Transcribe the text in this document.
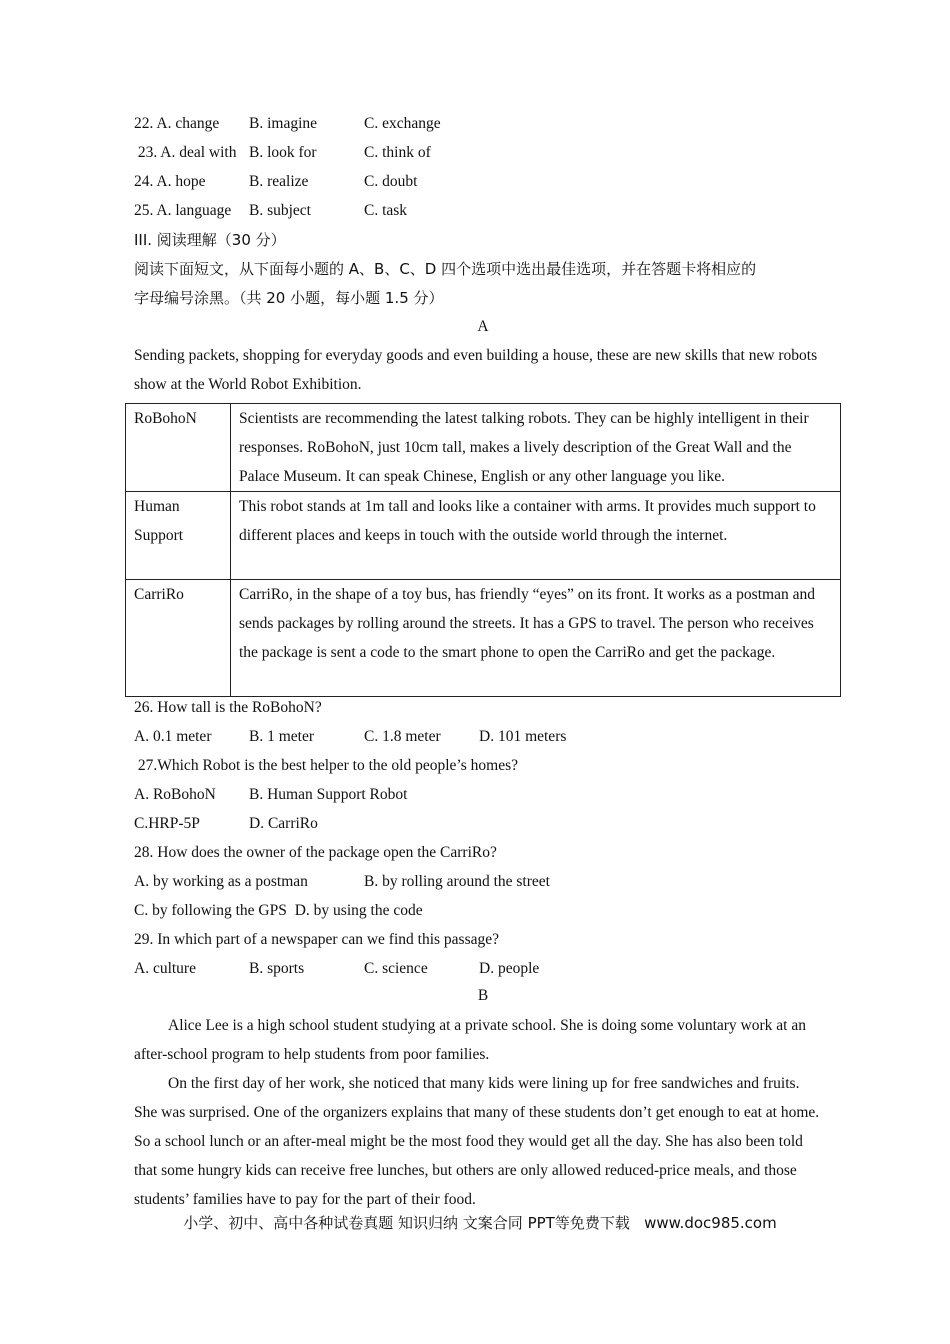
22. A. change B. imagine	C. exchange
23. A. deal with B. look for	C. think of
24. A. hope	B. realize	C. doubt
25. A. language B. subject	C. task
III. 阅读理解（30 分）
阅读下面短文，从下面每小题的 A、B、C、D 四个选项中选出最佳选项，并在答题卡将相应的
字母编号涂黑。（共 20 小题，每小题 1.5 分）
A
Sending packets, shopping for everyday goods and even building a house, these are new skills that new robots show at the World Robot Exhibition.
RoBohoN	Scientists are recommending the latest talking robots. They can be highly intelligent in their responses. RoBohoN, just 10cm tall, makes a lively description of the Great Wall and the Palace Museum. It can speak Chinese, English or any other language you like.
Human Support	This robot stands at 1m tall and looks like a container with arms. It provides much support to different places and keeps in touch with the outside world through the internet.
CarriRo	CarriRo, in the shape of a toy bus, has friendly “eyes” on its front. It works as a postman and sends packages by rolling around the streets. It has a GPS to travel. The person who receives the package is sent a code to the smart phone to open the CarriRo and get the package.
26. How tall is the RoBohoN?
A. 0.1 meter B. 1 meter	C. 1.8 meter D. 101 meters
27.Which Robot is the best helper to the old people’s homes?
A. RoBohoN B. Human Support Robot
C.HRP-5P	D. CarriRo
28. How does the owner of the package open the CarriRo?
A. by working as a postman	B. by rolling around the street
C. by following the GPS D. by using the code
29. In which part of a newspaper can we find this passage?
A. culture	B. sports	C. science	D. people
B
Alice Lee is a high school student studying at a private school. She is doing some voluntary work at an after-school program to help students from poor families.
On the first day of her work, she noticed that many kids were lining up for free sandwiches and fruits. She was surprised. One of the organizers explains that many of these students don’t get enough to eat at home. So a school lunch or an after-meal might be the most food they would get all the day. She has also been told that some hungry kids can receive free lunches, but others are only allowed reduced-price meals, and those students’ families have to pay for the part of their food.
小学、初中、高中各种试卷真题 知识归纳 文案合同 PPT等免费下载   www.doc985.com
